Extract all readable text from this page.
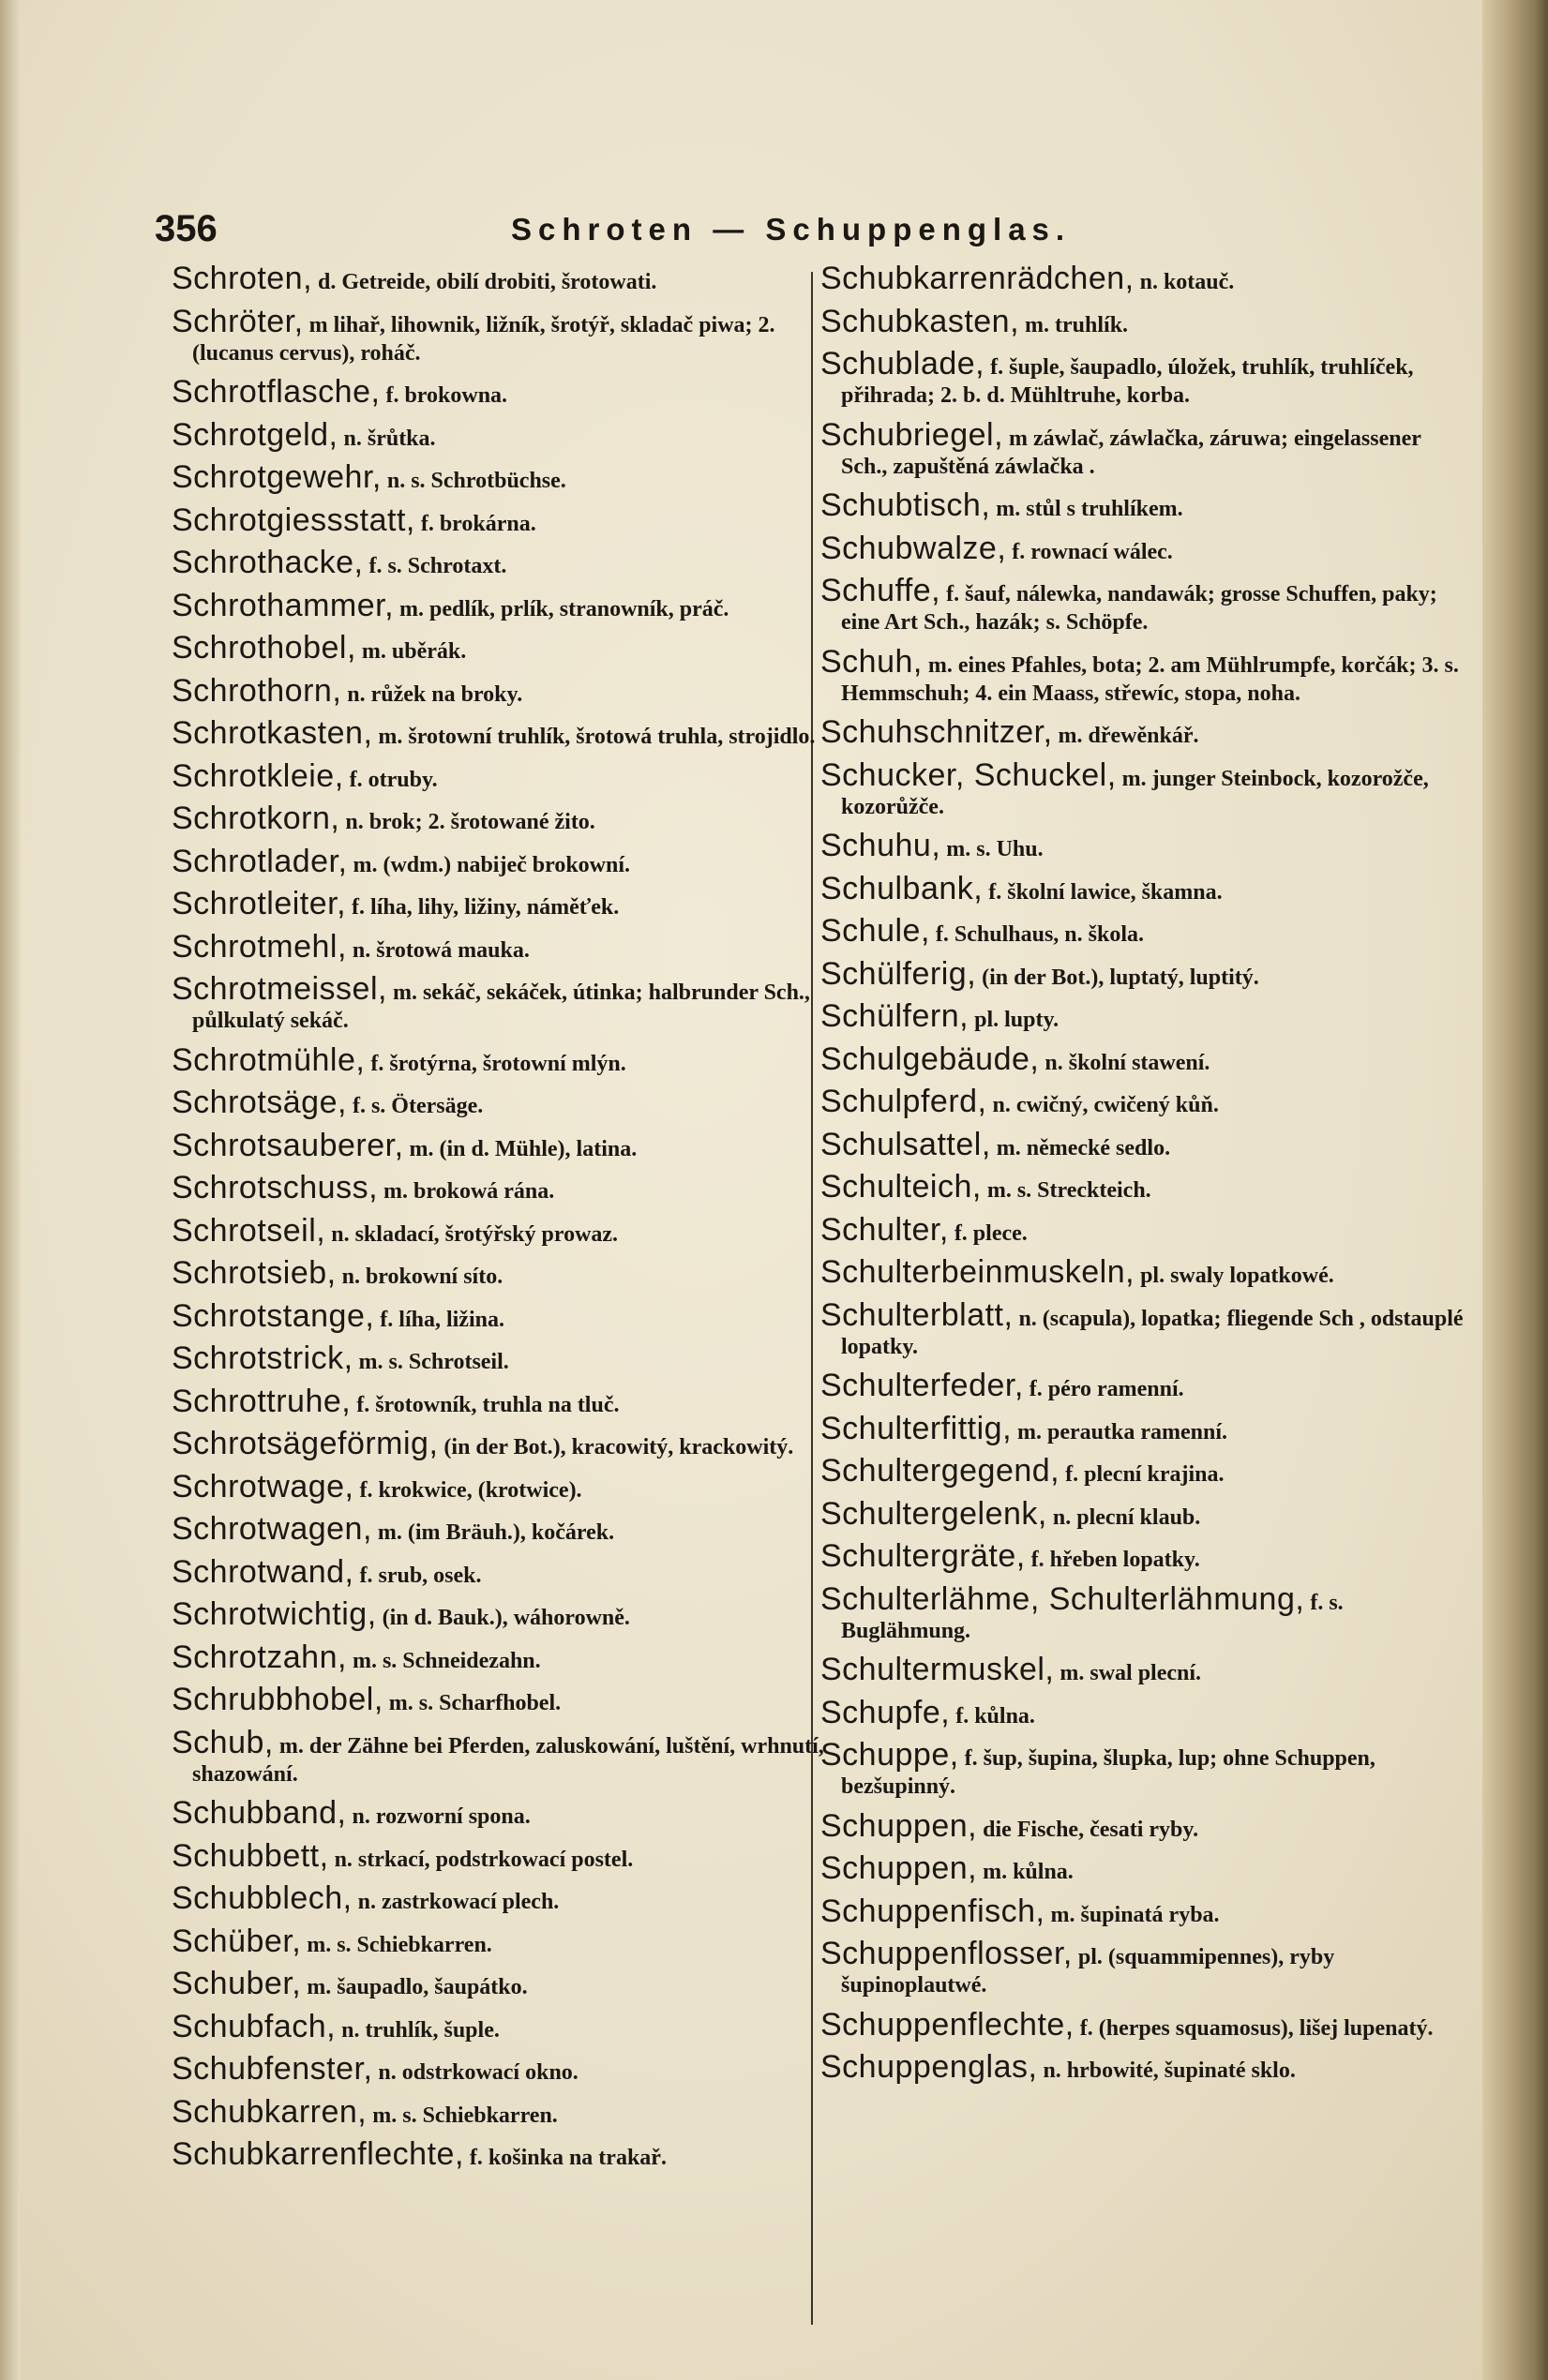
356	Schroten — Schuppenglas.

Schroten, d. Getreide, obilí drobiti, šrotowati.

Schröter, m lihař, lihownik, ližník, šrotýř, skladač piwa; 2. (lucanus cervus), roháč.

Schrotflasche, f. brokowna.

Schrotgeld, n. šrůtka.

Schrotgewehr, n. s. Schrotbüchse.

Schrotgiessstatt, f. brokárna.

Schrothacke, f. s. Schrotaxt.

Schrothammer, m. pedlík, prlík, stranowník, práč.

Schrothobel, m. uběrák.

Schrothorn, n. růžek na broky.

Schrotkasten, m. šrotowní truhlík, šrotowá truhla, strojidlo.

Schrotkleie, f. otruby.

Schrotkorn, n. brok; 2. šrotowané žito.

Schrotlader, m. (wdm.) nabiječ brokowní.

Schrotleiter, f. líha, lihy, ližiny, náměťek.

Schrotmehl, n. šrotowá mauka.

Schrotmeissel, m. sekáč, sekáček, útinka; halbrunder Sch., půlkulatý sekáč.

Schrotmühle, f. šrotýrna, šrotowní mlýn.

Schrotsäge, f. s. Ötersäge.

Schrotsauberer, m. (in d. Mühle), latina.

Schrotschuss, m. brokowá rána.

Schrotseil, n. skladací, šrotýřský prowaz.

Schrotsieb, n. brokowní síto.

Schrotstange, f. líha, ližina.

Schrotstrick, m. s. Schrotseil.

Schrottruhe, f. šrotowník, truhla na tluč.

Schrotsägeförmig, (in der Bot.), kracowitý, krackowitý.

Schrotwage, f. krokwice, (krotwice).

Schrotwagen, m. (im Bräuh.), kočárek.

Schrotwand, f. srub, osek.

Schrotwichtig, (in d. Bauk.), wáhorowně.

Schrotzahn, m. s. Schneidezahn.

Schrubbhobel, m. s. Scharfhobel.

Schub, m. der Zähne bei Pferden, zaluskowání, luštění, wrhnutí, shazowání.

Schubband, n. rozworní spona.

Schubbett, n. strkací, podstrkowací postel.

Schubblech, n. zastrkowací plech.

Schüber, m. s. Schiebkarren.

Schuber, m. šaupadlo, šaupátko.

Schubfach, n. truhlík, šuple.

Schubfenster, n. odstrkowací okno.

Schubkarren, m. s. Schiebkarren.

Schubkarrenflechte, f. košinka na trakař.

Schubkarrenrädchen, n. kotauč.

Schubkasten, m. truhlík.

Schublade, f. šuple, šaupadlo, úložek, truhlík, truhlíček, přihrada; 2. b. d. Mühltruhe, korba.

Schubriegel, m záwlač, záwlačka, záruwa; eingelassener Sch., zapuštěná záwlačka .

Schubtisch, m. stůl s truhlíkem.

Schubwalze, f. rownací wálec.

Schuffe, f. šauf, nálewka, nandawák; grosse Schuffen, paky; eine Art Sch., hazák; s. Schöpfe.

Schuh, m. eines Pfahles, bota; 2. am Mühlrumpfe, korčák; 3. s. Hemmschuh; 4. ein Maass, střewíc, stopa, noha.

Schuhschnitzer, m. dřewěnkář.

Schucker, Schuckel, m. junger Steinbock, kozorožče, kozorůžče.

Schuhu, m. s. Uhu.

Schulbank, f. školní lawice, škamna.

Schule, f. Schulhaus, n. škola.

Schülferig, (in der Bot.), luptatý, luptitý.

Schülfern, pl. lupty.

Schulgebäude, n. školní stawení.

Schulpferd, n. cwičný, cwičený kůň.

Schulsattel, m. německé sedlo.

Schulteich, m. s. Streckteich.

Schulter, f. plece.

Schulterbeinmuskeln, pl. swaly lopatkowé.

Schulterblatt, n. (scapula), lopatka; fliegende Sch , odstauplé lopatky.

Schulterfeder, f. péro ramenní.

Schulterfittig, m. perautka ramenní.

Schultergegend, f. plecní krajina.

Schultergelenk, n. plecní klaub.

Schultergräte, f. hřeben lopatky.

Schulterlähme, Schulterlähmung, f. s. Buglähmung.

Schultermuskel, m. swal plecní.

Schupfe, f. kůlna.

Schuppe, f. šup, šupina, šlupka, lup; ohne Schuppen, bezšupinný.

Schuppen, die Fische, česati ryby.

Schuppen, m. kůlna.

Schuppenfisch, m. šupinatá ryba.

Schuppenflosser, pl. (squammipennes), ryby šupinoplautwé.

Schuppenflechte, f. (herpes squamosus), lišej lupenatý.

Schuppenglas, n. hrbowité, šupinaté sklo.
